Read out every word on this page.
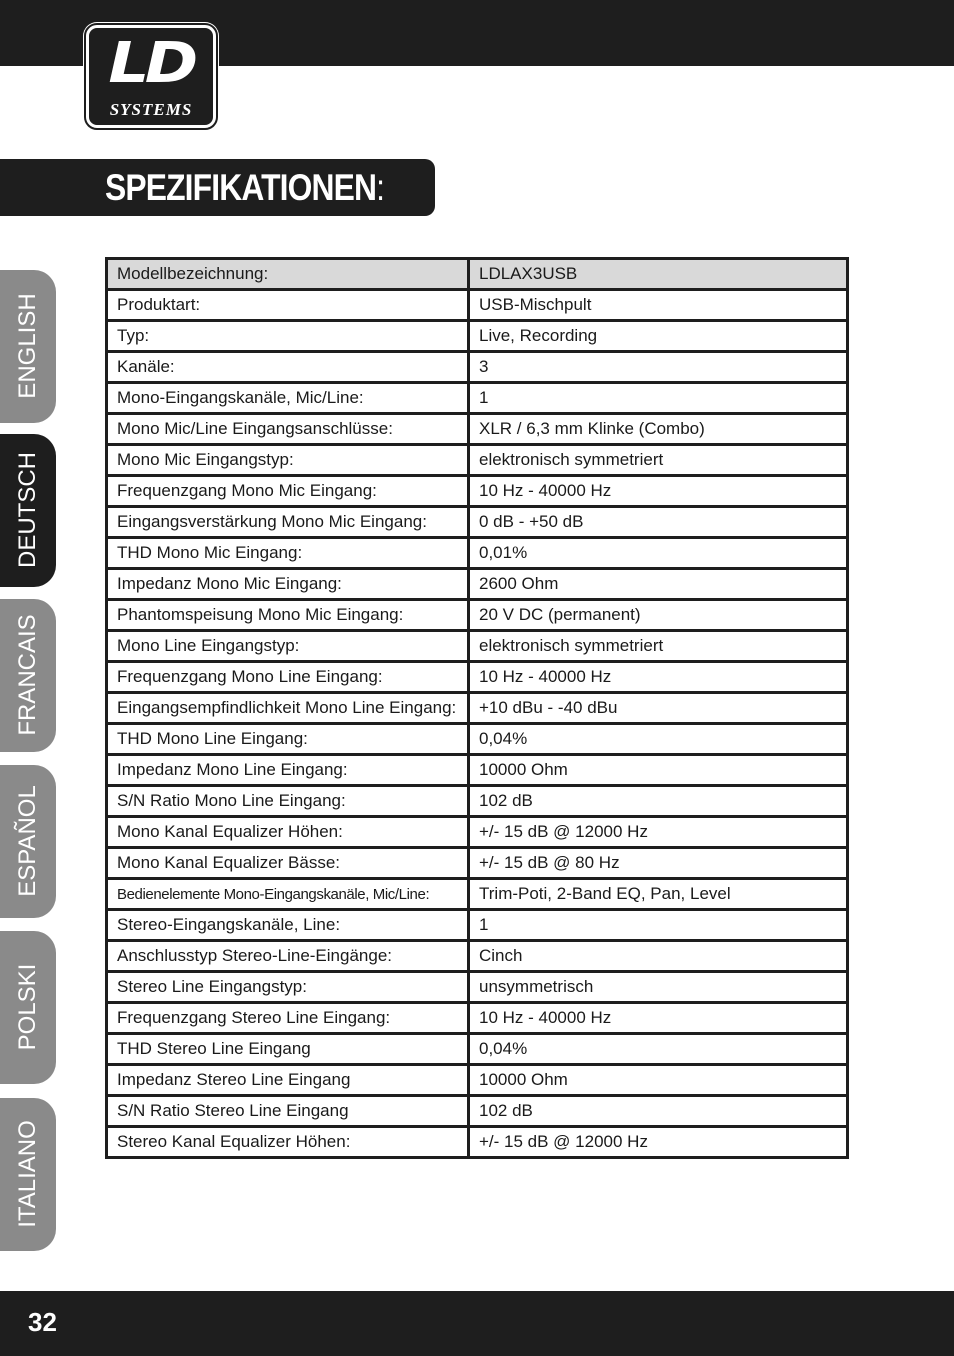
LD
SYSTEMS
SPEZIFIKATIONEN:
ENGLISH
DEUTSCH
FRANCAIS
ESPAÑOL
POLSKI
ITALIANO
Modellbezeichnung:	LDLAX3USB
Produktart:	USB-Mischpult
Typ:	Live, Recording
Kanäle:	3
Mono-Eingangskanäle, Mic/Line:	1
Mono Mic/Line Eingangsanschlüsse:	XLR / 6,3 mm Klinke (Combo)
Mono Mic Eingangstyp:	elektronisch symmetriert
Frequenzgang Mono Mic Eingang:	10 Hz - 40000 Hz
Eingangsverstärkung Mono Mic Eingang:	0 dB - +50 dB
THD Mono Mic Eingang:	0,01%
Impedanz Mono Mic Eingang:	2600 Ohm
Phantomspeisung Mono Mic Eingang:	20 V DC (permanent)
Mono Line Eingangstyp:	elektronisch symmetriert
Frequenzgang Mono Line Eingang:	10 Hz - 40000 Hz
Eingangsempfindlichkeit Mono Line Eingang:	+10 dBu - -40 dBu
THD Mono Line Eingang:	0,04%
Impedanz Mono Line Eingang:	10000 Ohm
S/N Ratio Mono Line Eingang:	102 dB
Mono Kanal Equalizer Höhen:	+/- 15 dB @ 12000 Hz
Mono Kanal Equalizer Bässe:	+/- 15 dB @ 80 Hz
Bedienelemente Mono-Eingangskanäle, Mic/Line:	Trim-Poti, 2-Band EQ, Pan, Level
Stereo-Eingangskanäle, Line:	1
Anschlusstyp Stereo-Line-Eingänge:	Cinch
Stereo Line Eingangstyp:	unsymmetrisch
Frequenzgang Stereo Line Eingang:	10 Hz - 40000 Hz
THD Stereo Line Eingang	0,04%
Impedanz Stereo Line Eingang	10000 Ohm
S/N Ratio Stereo Line Eingang	102 dB
Stereo Kanal Equalizer Höhen:	+/- 15 dB @ 12000 Hz
32
